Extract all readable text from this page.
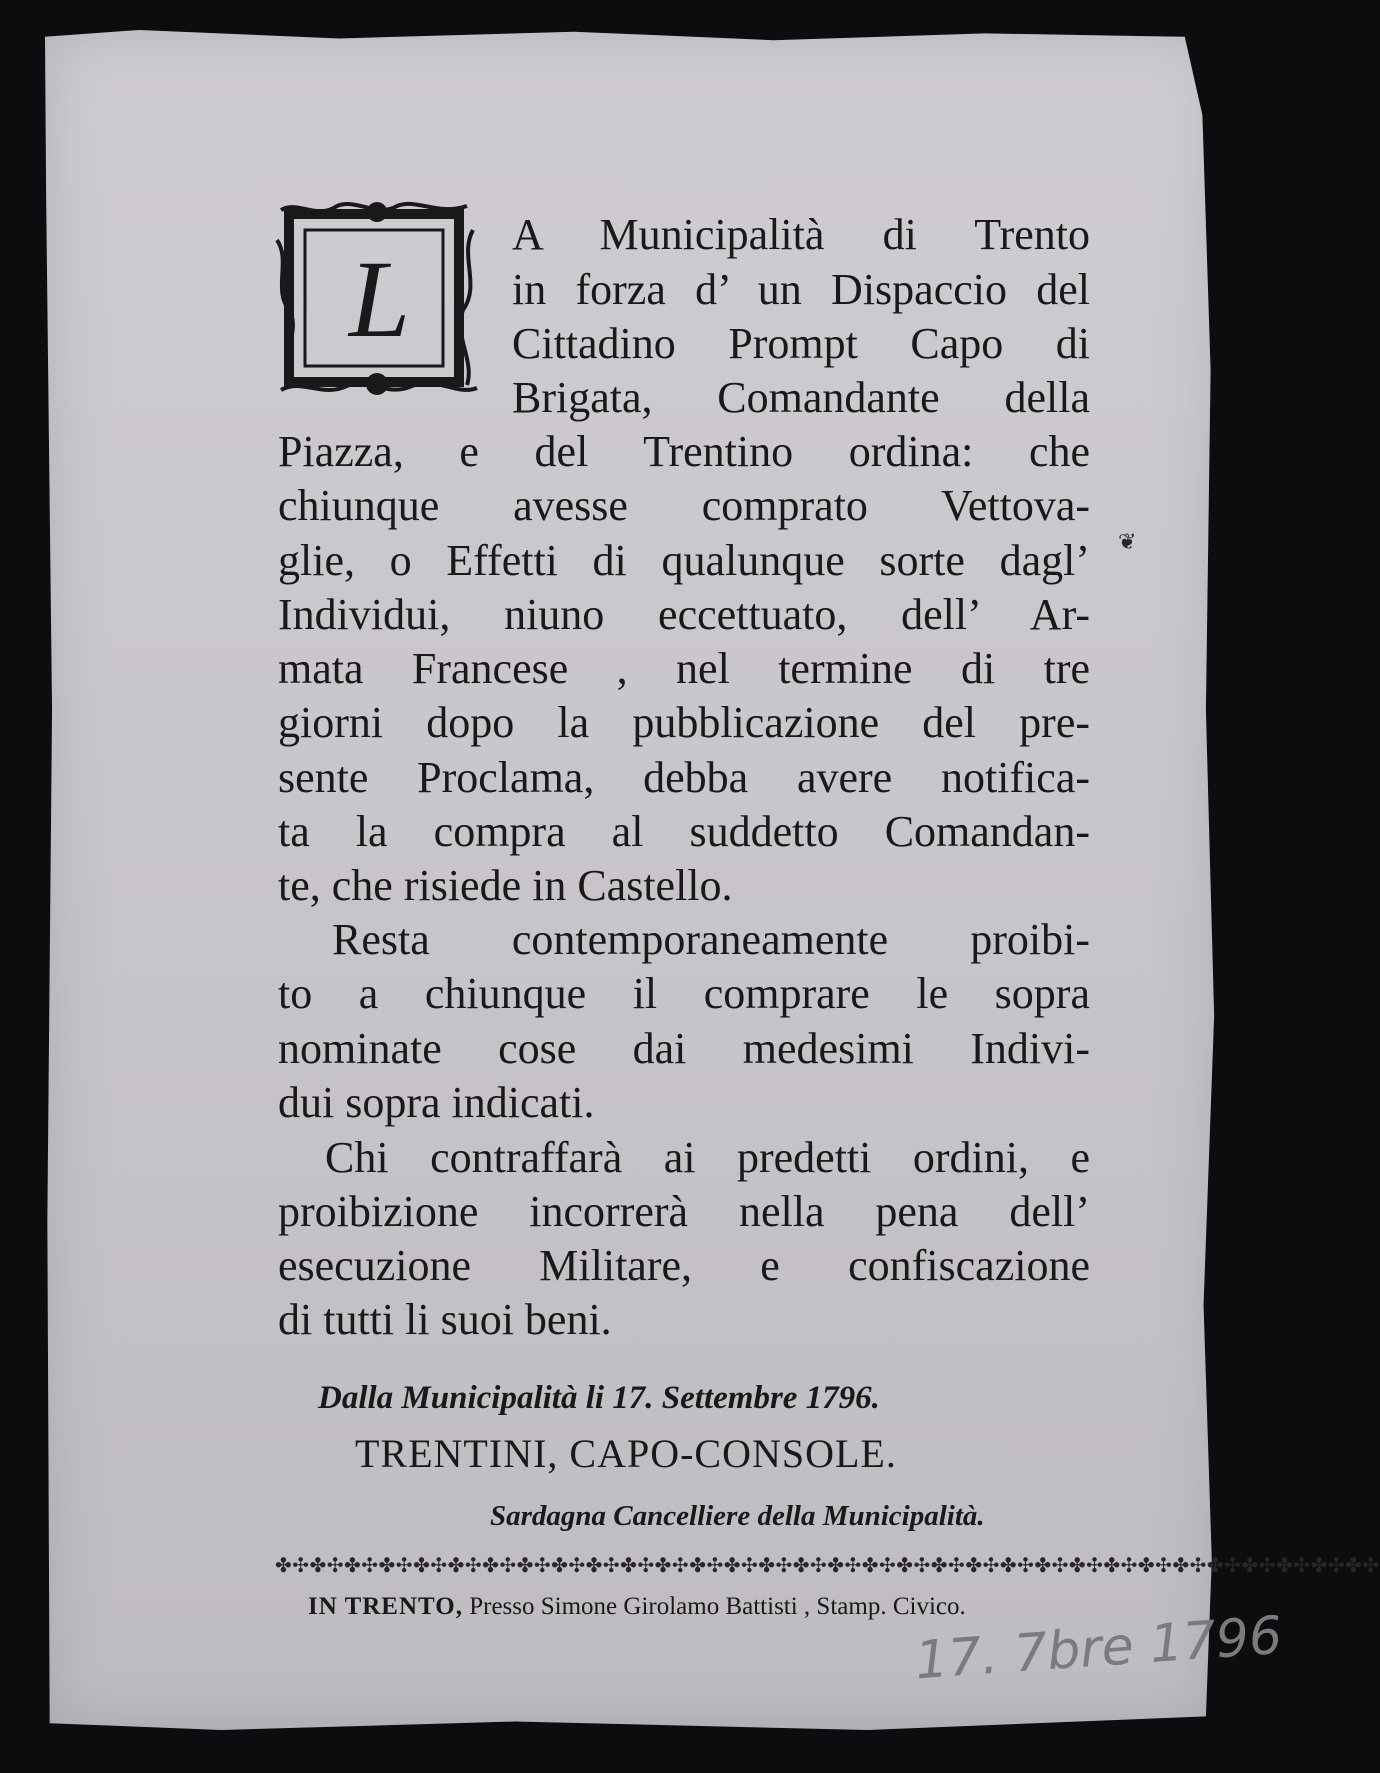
L
A Municipalità di Trento
in forza d’ un Dispaccio del
Cittadino Prompt Capo di
Brigata, Comandante della
Piazza, e del Trentino ordina: che
chiunque avesse comprato Vettova-
glie, o Effetti di qualunque sorte dagl’
Individui, niuno eccettuato, dell’ Ar-
mata Francese , nel termine di tre
giorni dopo la pubblicazione del pre-
sente Proclama, debba avere notifica-
ta la compra al suddetto Comandan-
te, che risiede in Castello.
Resta contemporaneamente proibi-
to a chiunque il comprare le sopra
nominate cose dai medesimi Indivi-
dui sopra indicati.
Chi contraffarà ai predetti ordini, e
proibizione incorrerà nella pena dell’
esecuzione Militare, e confiscazione
di tutti li suoi beni.
Dalla Municipalità li 17. Settembre 1796.
TRENTINI, CAPO-CONSOLE.
Sardagna Cancelliere della Municipalità.
✤✣✤✣✤✣✤✣✤✣✤✣✤✣✤✣✤✣✤✣✤✣✤✣✤✣✤✣✤✣✤✣✤✣✤✣✤✣✤✣✤✣✤✣✤✣✤✣✤✣✤✣✤✣✤✣✤✣✤✣✤✣✤✣
IN TRENTO, Presso Simone Girolamo Battisti , Stamp. Civico.
❦
17. 7bre 1796
